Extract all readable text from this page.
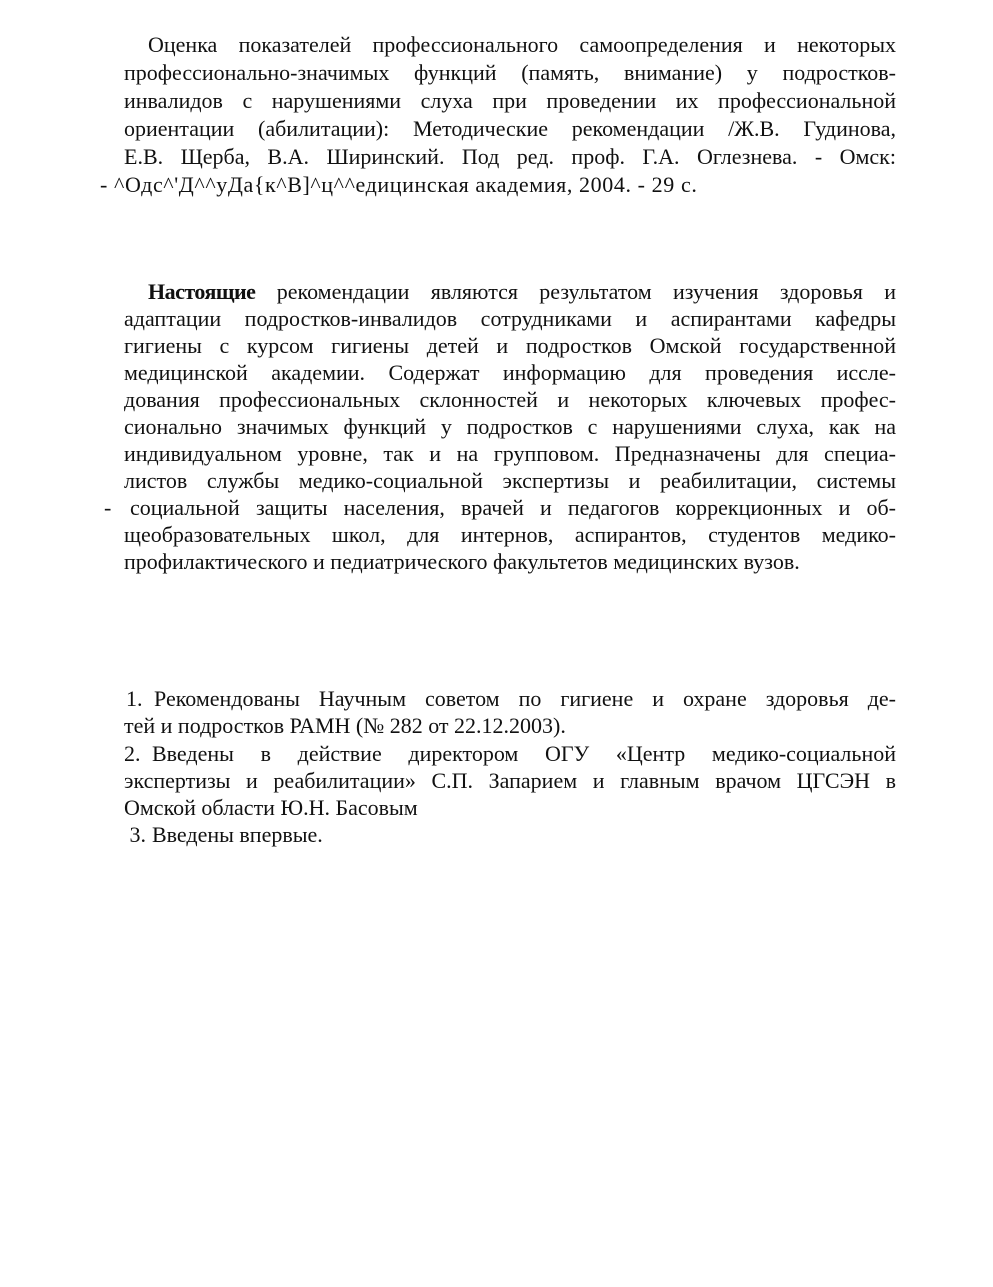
Оценка показателей профессионального самоопределения и некоторых
профессионально-значимых функций (память, внимание) у подростков-
инвалидов с нарушениями слуха при проведении их профессиональной
ориентации (абилитации): Методические рекомендации /Ж.В. Гудинова,
Е.В. Щерба, В.А. Ширинский. Под ред. проф. Г.А. Оглезнева. - Омск:
- ^Одс^'Д^^уДа{к^В]^ц^^едицинская академия, 2004. - 29 с.
Настоящие рекомендации являются результатом изучения здоровья и
адаптации подростков-инвалидов сотрудниками и аспирантами кафедры
гигиены с курсом гигиены детей и подростков Омской государственной
медицинской академии. Содержат информацию для проведения иссле-
дования профессиональных склонностей и некоторых ключевых профес-
сионально значимых функций у подростков с нарушениями слуха, как на
индивидуальном уровне, так и на групповом. Предназначены для специа-
листов службы медико-социальной экспертизы и реабилитации, системы
- социальной защиты населения, врачей и педагогов коррекционных и об-
щеобразовательных школ, для интернов, аспирантов, студентов медико-
профилактического и педиатрического факультетов медицинских вузов.
1. Рекомендованы Научным советом по гигиене и охране здоровья де-
тей и подростков РАМН (№ 282 от 22.12.2003).
2. Введены в действие директором ОГУ «Центр медико-социальной
экспертизы и реабилитации» С.П. Запарием и главным врачом ЦГСЭН в
Омской области Ю.Н. Басовым
3. Введены впервые.
